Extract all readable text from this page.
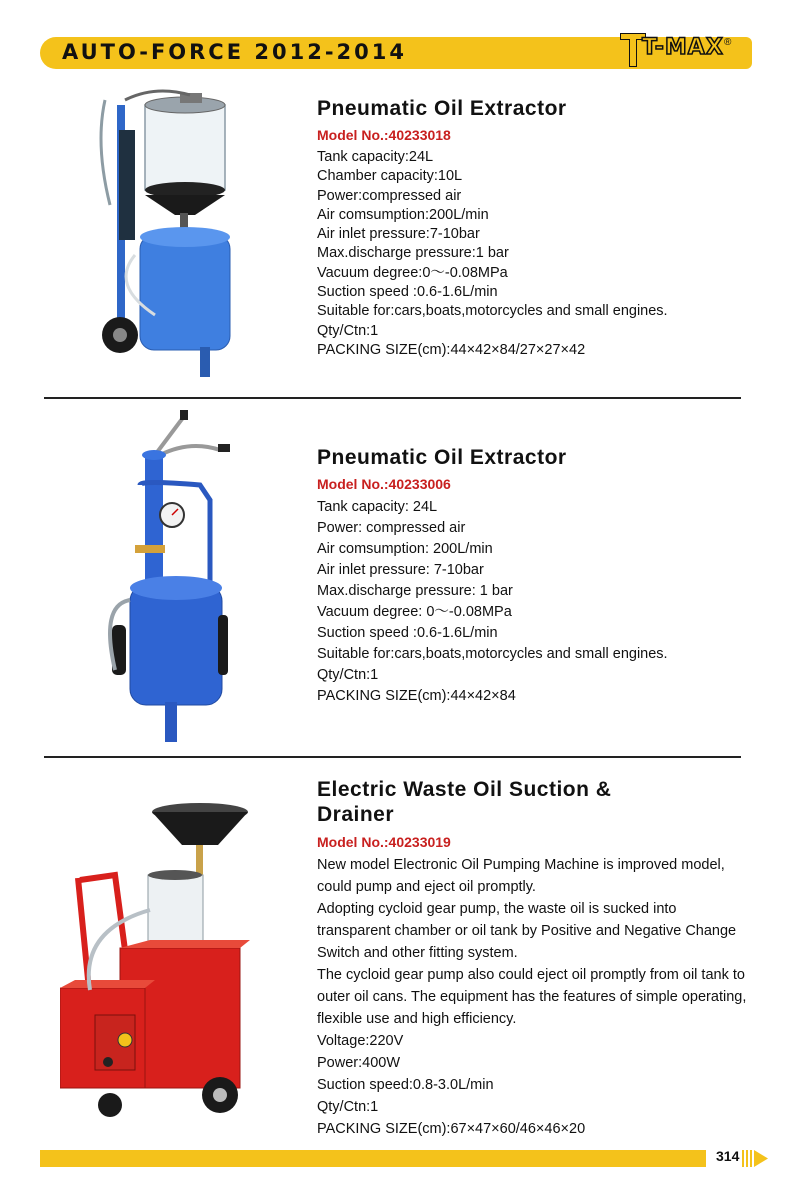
AUTO-FORCE 2012-2014	T-MAX ®
Pneumatic Oil Extractor
Model No.:40233018
Tank capacity:24L
Chamber capacity:10L
Power:compressed air
Air comsumption:200L/min
Air inlet pressure:7-10bar
Max.discharge pressure:1 bar
Vacuum degree:0～-0.08MPa
Suction speed :0.6-1.6L/min
Suitable for:cars,boats,motorcycles and small engines.
Qty/Ctn:1
PACKING SIZE(cm):44×42×84/27×27×42
Pneumatic Oil Extractor
Model No.:40233006
Tank capacity: 24L
Power: compressed air
Air comsumption: 200L/min
Air inlet pressure: 7-10bar
Max.discharge pressure: 1 bar
Vacuum degree: 0～-0.08MPa
Suction speed :0.6-1.6L/min
Suitable for:cars,boats,motorcycles and small engines.
Qty/Ctn:1
PACKING SIZE(cm):44×42×84
Electric Waste Oil Suction &
Drainer
Model No.:40233019
New model Electronic Oil Pumping Machine is improved model, could pump and eject oil promptly.
Adopting cycloid gear pump, the waste oil is sucked into transparent chamber or oil tank by Positive and Negative Change Switch and other fitting system.
The cycloid gear pump also could eject oil promptly from oil tank to outer oil cans. The equipment has the features of simple operating, flexible use and high efficiency.
Voltage:220V
Power:400W
Suction speed:0.8-3.0L/min
Qty/Ctn:1
PACKING SIZE(cm):67×47×60/46×46×20
314
